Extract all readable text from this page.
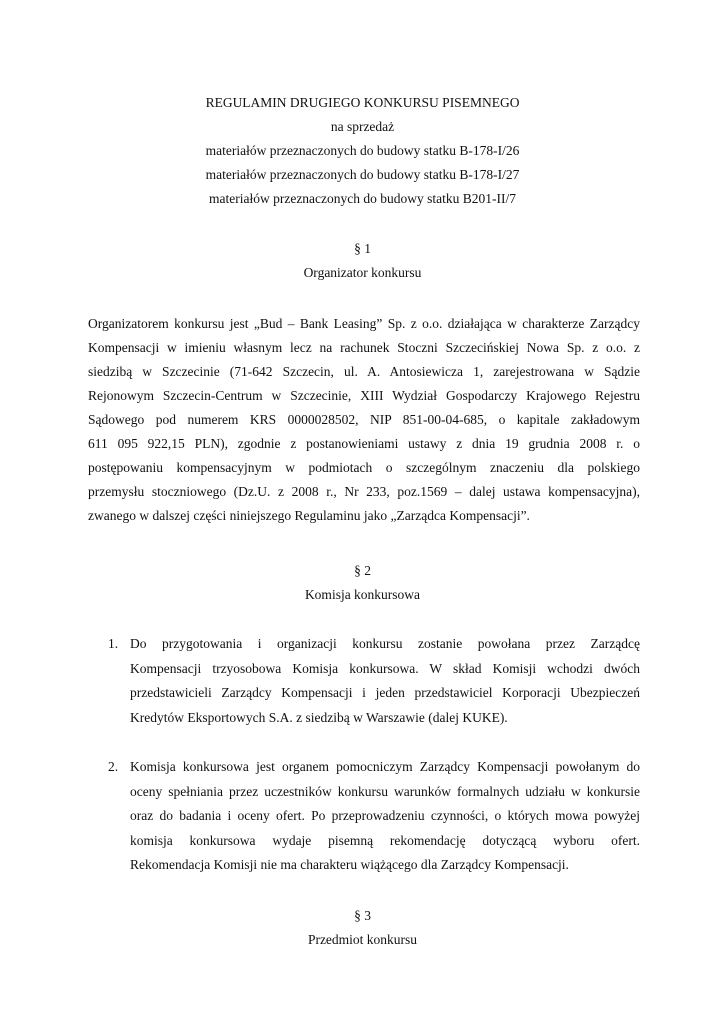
REGULAMIN DRUGIEGO KONKURSU PISEMNEGO
na sprzedaż
materiałów przeznaczonych do budowy statku B-178-I/26
materiałów przeznaczonych do budowy statku B-178-I/27
materiałów przeznaczonych do budowy statku B201-II/7
§ 1
Organizator konkursu
Organizatorem konkursu jest „Bud – Bank Leasing” Sp. z o.o. działająca w charakterze Zarządcy
Kompensacji w imieniu własnym lecz na rachunek Stoczni Szczecińskiej Nowa Sp. z o.o. z
siedzibą w Szczecinie (71-642 Szczecin, ul. A. Antosiewicza 1, zarejestrowana w Sądzie
Rejonowym Szczecin-Centrum w Szczecinie, XIII Wydział Gospodarczy Krajowego Rejestru
Sądowego pod numerem KRS 0000028502, NIP 851-00-04-685, o kapitale zakładowym
611 095 922,15 PLN), zgodnie z postanowieniami ustawy z dnia 19 grudnia 2008 r. o
postępowaniu kompensacyjnym w podmiotach o szczególnym znaczeniu dla polskiego
przemysłu stoczniowego (Dz.U. z 2008 r., Nr 233, poz.1569 – dalej ustawa kompensacyjna),
zwanego w dalszej części niniejszego Regulaminu jako „Zarządca Kompensacji”.
§ 2
Komisja konkursowa
1. Do przygotowania i organizacji konkursu zostanie powołana przez Zarządcę
Kompensacji trzyosobowa Komisja konkursowa. W skład Komisji wchodzi dwóch
przedstawicieli Zarządcy Kompensacji i jeden przedstawiciel Korporacji Ubezpieczeń
Kredytów Eksportowych S.A. z siedzibą w Warszawie (dalej KUKE).
2. Komisja konkursowa jest organem pomocniczym Zarządcy Kompensacji powołanym do
oceny spełniania przez uczestników konkursu warunków formalnych udziału w konkursie
oraz do badania i oceny ofert. Po przeprowadzeniu czynności, o których mowa powyżej
komisja konkursowa wydaje pisemną rekomendację dotyczącą wyboru ofert.
Rekomendacja Komisji nie ma charakteru wiążącego dla Zarządcy Kompensacji.
§ 3
Przedmiot konkursu
